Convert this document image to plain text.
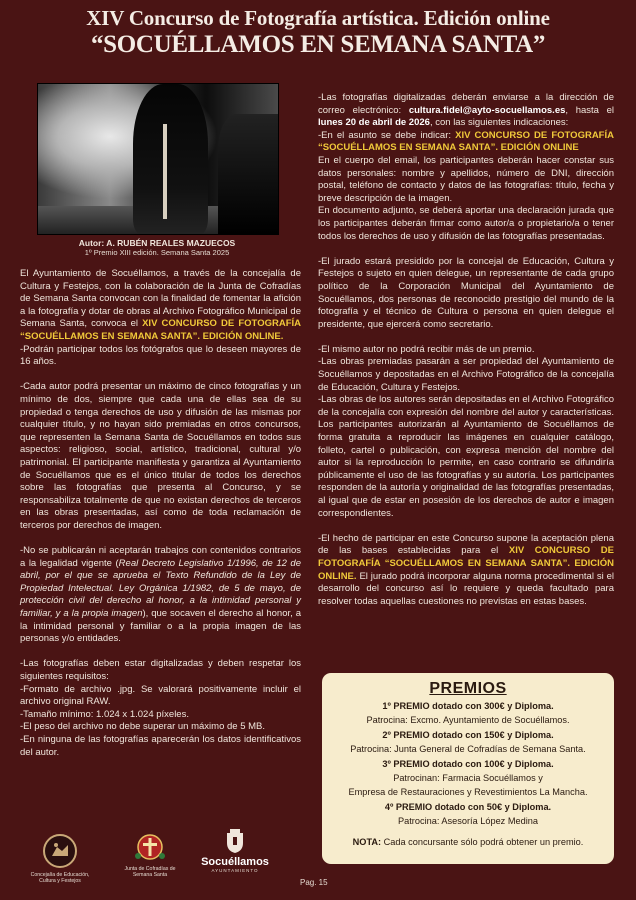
XIV Concurso de Fotografía artística. Edición online
“SOCUÉLLAMOS EN SEMANA SANTA”
Autor: A. RUBÉN REALES MAZUECOS
1º Premio XIII edición. Semana Santa 2025

El Ayuntamiento de Socuéllamos, a través de la concejalía de Cultura y Festejos, con la colaboración de la Junta de Cofradías de Semana Santa convocan con la finalidad de fomentar la afición a la fotografía y dotar de obras al Archivo Fotográfico Municipal de Semana Santa, convoca el XIV CONCURSO DE FOTOGRAFÍA “SOCUÉLLAMOS EN SEMANA SANTA”. EDICIÓN ONLINE.

-Podrán participar todos los fotógrafos que lo deseen mayores de 16 años.

-Cada autor podrá presentar un máximo de cinco fotografías y un mínimo de dos, siempre que cada una de ellas sea de su propiedad o tenga derechos de uso y difusión de las mismas por cualquier título, y no hayan sido premiadas en otros concursos, que representen la Semana Santa de Socuéllamos en todos sus aspectos: religioso, social, artístico, tradicional, cultural y/o patrimonial. El participante manifiesta y garantiza al Ayuntamiento de Socuéllamos que es el único titular de todos los derechos sobre las fotografías que presenta al Concurso, y se responsabiliza totalmente de que no existan derechos de terceros en las obras presentadas, así como de toda reclamación de terceros por derechos de imagen.

-No se publicarán ni aceptarán trabajos con contenidos contrarios a la legalidad vigente (Real Decreto Legislativo 1/1996, de 12 de abril, por el que se aprueba el Texto Refundido de la Ley de Propiedad Intelectual. Ley Orgánica 1/1982, de 5 de mayo, de protección civil del derecho al honor, a la intimidad personal y familiar, y a la propia imagen), que socaven el derecho al honor, a la intimidad personal y familiar o a la propia imagen de las personas y/o entidades.

-Las fotografías deben estar digitalizadas y deben respetar los siguientes requisitos:

-Formato de archivo .jpg. Se valorará positivamente incluir el archivo original RAW.

-Tamaño mínimo: 1.024 x 1.024 píxeles.

-El peso del archivo no debe superar un máximo de 5 MB.

-En ninguna de las fotografías aparecerán los datos identificativos del autor.

-Las fotografías digitalizadas deberán enviarse a la dirección de correo electrónico: cultura.fidel@ayto-socuellamos.es, hasta el lunes 20 de abril de 2026, con las siguientes indicaciones:

-En el asunto se debe indicar: XIV CONCURSO DE FOTOGRAFÍA “SOCUÉLLAMOS EN SEMANA SANTA”. EDICIÓN ONLINE

En el cuerpo del email, los participantes deberán hacer constar sus datos personales: nombre y apellidos, número de DNI, dirección postal, teléfono de contacto y datos de las fotografías: título, fecha y breve descripción de la imagen.

En documento adjunto, se deberá aportar una declaración jurada que los participantes deberán firmar como autor/a o propietario/a o tener todos los derechos de uso y difusión de las fotografías presentadas.

-El jurado estará presidido por la concejal de Educación, Cultura y Festejos o sujeto en quien delegue, un representante de cada grupo político de la Corporación Municipal del Ayuntamiento de Socuéllamos, dos personas de reconocido prestigio del mundo de la fotografía y el técnico de Cultura o persona en quien delegue el presidente, que ejercerá como secretario.

-El mismo autor no podrá recibir más de un premio.

-Las obras premiadas pasarán a ser propiedad del Ayuntamiento de Socuéllamos y depositadas en el Archivo Fotográfico de la concejalía de Educación, Cultura y Festejos.

-Las obras de los autores serán depositadas en el Archivo Fotográfico de la concejalía con expresión del nombre del autor y características. Los participantes autorizarán al Ayuntamiento de Socuéllamos de forma gratuita a reproducir las imágenes en cualquier catálogo, folleto, cartel o publicación, con expresa mención del nombre del autor si la reproducción lo permite, en caso contrario se difundiría públicamente el uso de las fotografías y su autoría. Los participantes responden de la autoría y originalidad de las fotografías presentadas, al igual que de estar en posesión de los derechos de autor e imagen correspondientes.

-El hecho de participar en este Concurso supone la aceptación plena de las bases establecidas para el XIV CONCURSO DE FOTOGRAFÍA “SOCUÉLLAMOS EN SEMANA SANTA”. EDICIÓN ONLINE. El jurado podrá incorporar alguna norma procedimental si el desarrollo del concurso así lo requiere y queda facultado para resolver todas aquellas cuestiones no previstas en estas bases.

PREMIOS
1º PREMIO dotado con 300€ y Diploma.
Patrocina: Excmo. Ayuntamiento de Socuéllamos.
2º PREMIO dotado con 150€ y Diploma.
Patrocina: Junta General de Cofradías de Semana Santa.
3º PREMIO dotado con 100€ y Diploma.
Patrocinan: Farmacia Socuéllamos y
Empresa de Restauraciones y Revestimientos La Mancha.
4º PREMIO dotado con 50€ y Diploma.
Patrocina: Asesoría López Medina
NOTA: Cada concursante sólo podrá obtener un premio.
Concejalía de Educación, Cultura y Festejos
Junta de Cofradías de Semana Santa
Socuéllamos
AYUNTAMIENTO
Pag. 15
